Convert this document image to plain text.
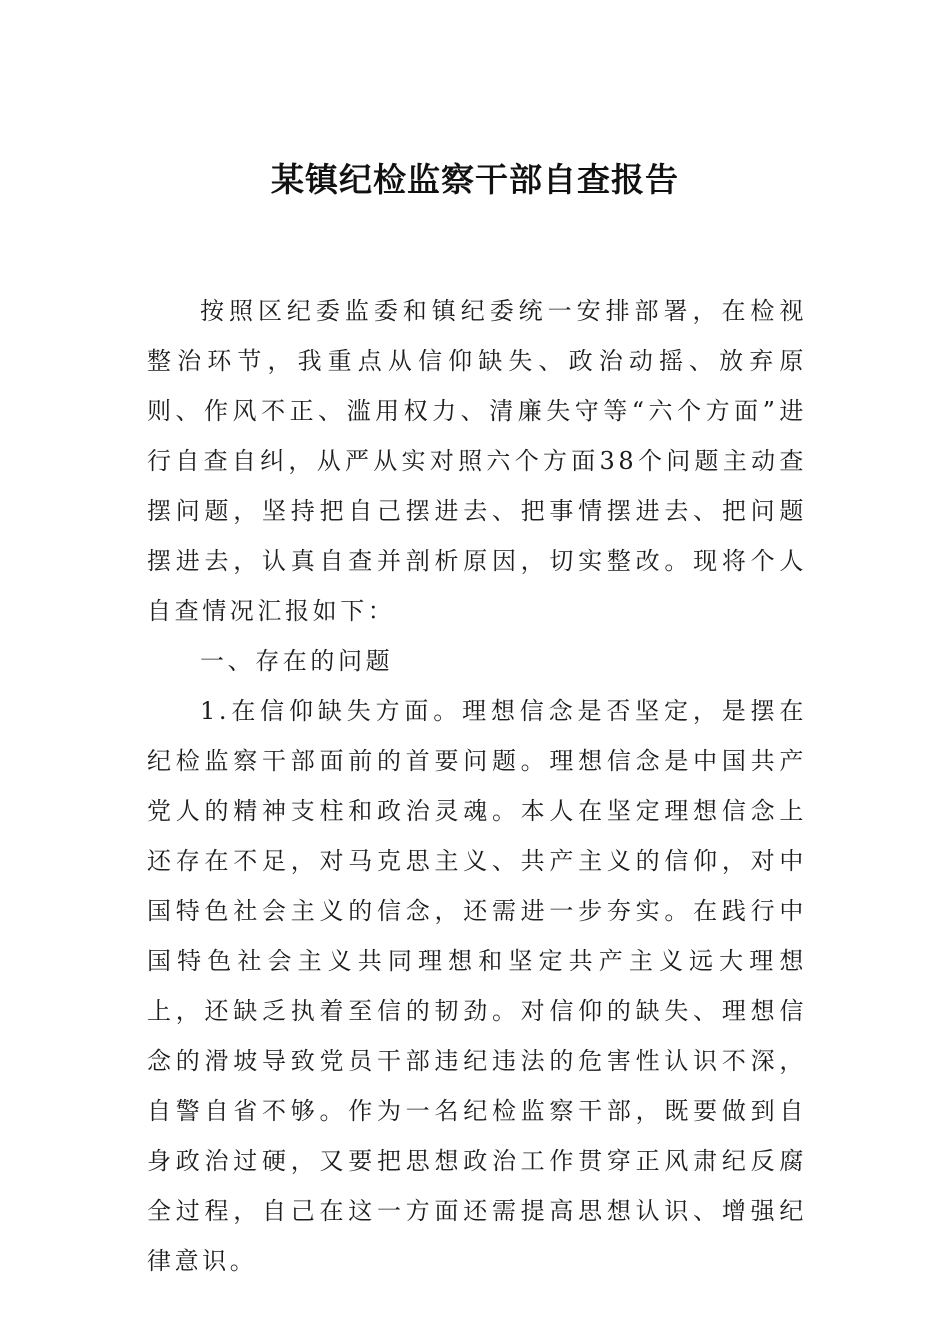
某镇纪检监察干部自查报告

按照区纪委监委和镇纪委统一安排部署，在检视整治环节，我重点从信仰缺失、政治动摇、放弃原则、作风不正、滥用权力、清廉失守等“六个方面”进行自查自纠，从严从实对照六个方面38个问题主动查摆问题，坚持把自己摆进去、把事情摆进去、把问题摆进去，认真自查并剖析原因，切实整改。现将个人自查情况汇报如下：

一、存在的问题

1.在信仰缺失方面。理想信念是否坚定，是摆在纪检监察干部面前的首要问题。理想信念是中国共产党人的精神支柱和政治灵魂。本人在坚定理想信念上还存在不足，对马克思主义、共产主义的信仰，对中国特色社会主义的信念，还需进一步夯实。在践行中国特色社会主义共同理想和坚定共产主义远大理想上，还缺乏执着至信的韧劲。对信仰的缺失、理想信念的滑坡导致党员干部违纪违法的危害性认识不深，自警自省不够。作为一名纪检监察干部，既要做到自身政治过硬，又要把思想政治工作贯穿正风肃纪反腐全过程，自己在这一方面还需提高思想认识、增强纪律意识。
